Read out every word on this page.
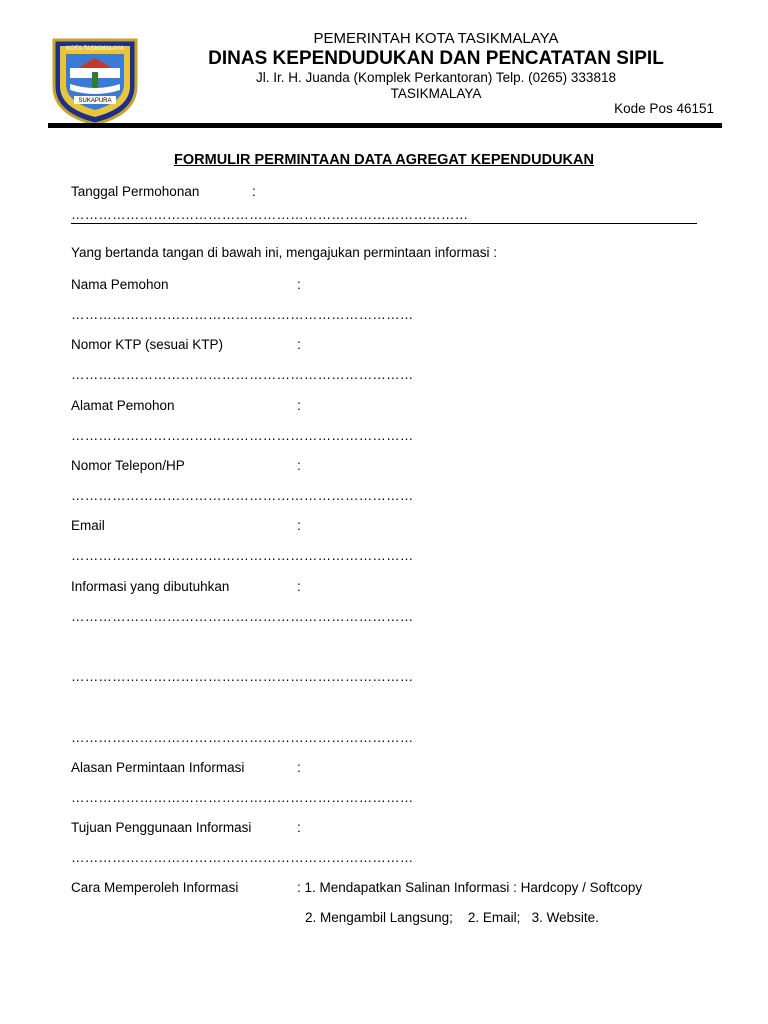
KOTA TASIKMALAYA
SUKAPURA
PEMERINTAH KOTA TASIKMALAYA
DINAS KEPENDUDUKAN DAN PENCATATAN SIPIL
Jl. Ir. H. Juanda (Komplek Perkantoran) Telp. (0265) 333818
TASIKMALAYA
Kode Pos 46151
FORMULIR PERMINTAAN DATA AGREGAT KEPENDUDUKAN
Tanggal Permohonan	:
……………………………………………………………………………
Yang bertanda tangan di bawah ini, mengajukan permintaan informasi :
Nama Pemohon	:
…………………………………………………………………
Nomor KTP (sesuai KTP)	:
…………………………………………………………………
Alamat Pemohon	:
…………………………………………………………………
Nomor Telepon/HP	:
…………………………………………………………………
Email	:
…………………………………………………………………
Informasi yang dibutuhkan	:
…………………………………………………………………
…………………………………………………………………
…………………………………………………………………
Alasan Permintaan Informasi	:
…………………………………………………………………
Tujuan Penggunaan Informasi	:
…………………………………………………………………
Cara Memperoleh Informasi	: 1. Mendapatkan Salinan Informasi : Hardcopy / Softcopy
2. Mengambil Langsung;    2. Email;   3. Website.
